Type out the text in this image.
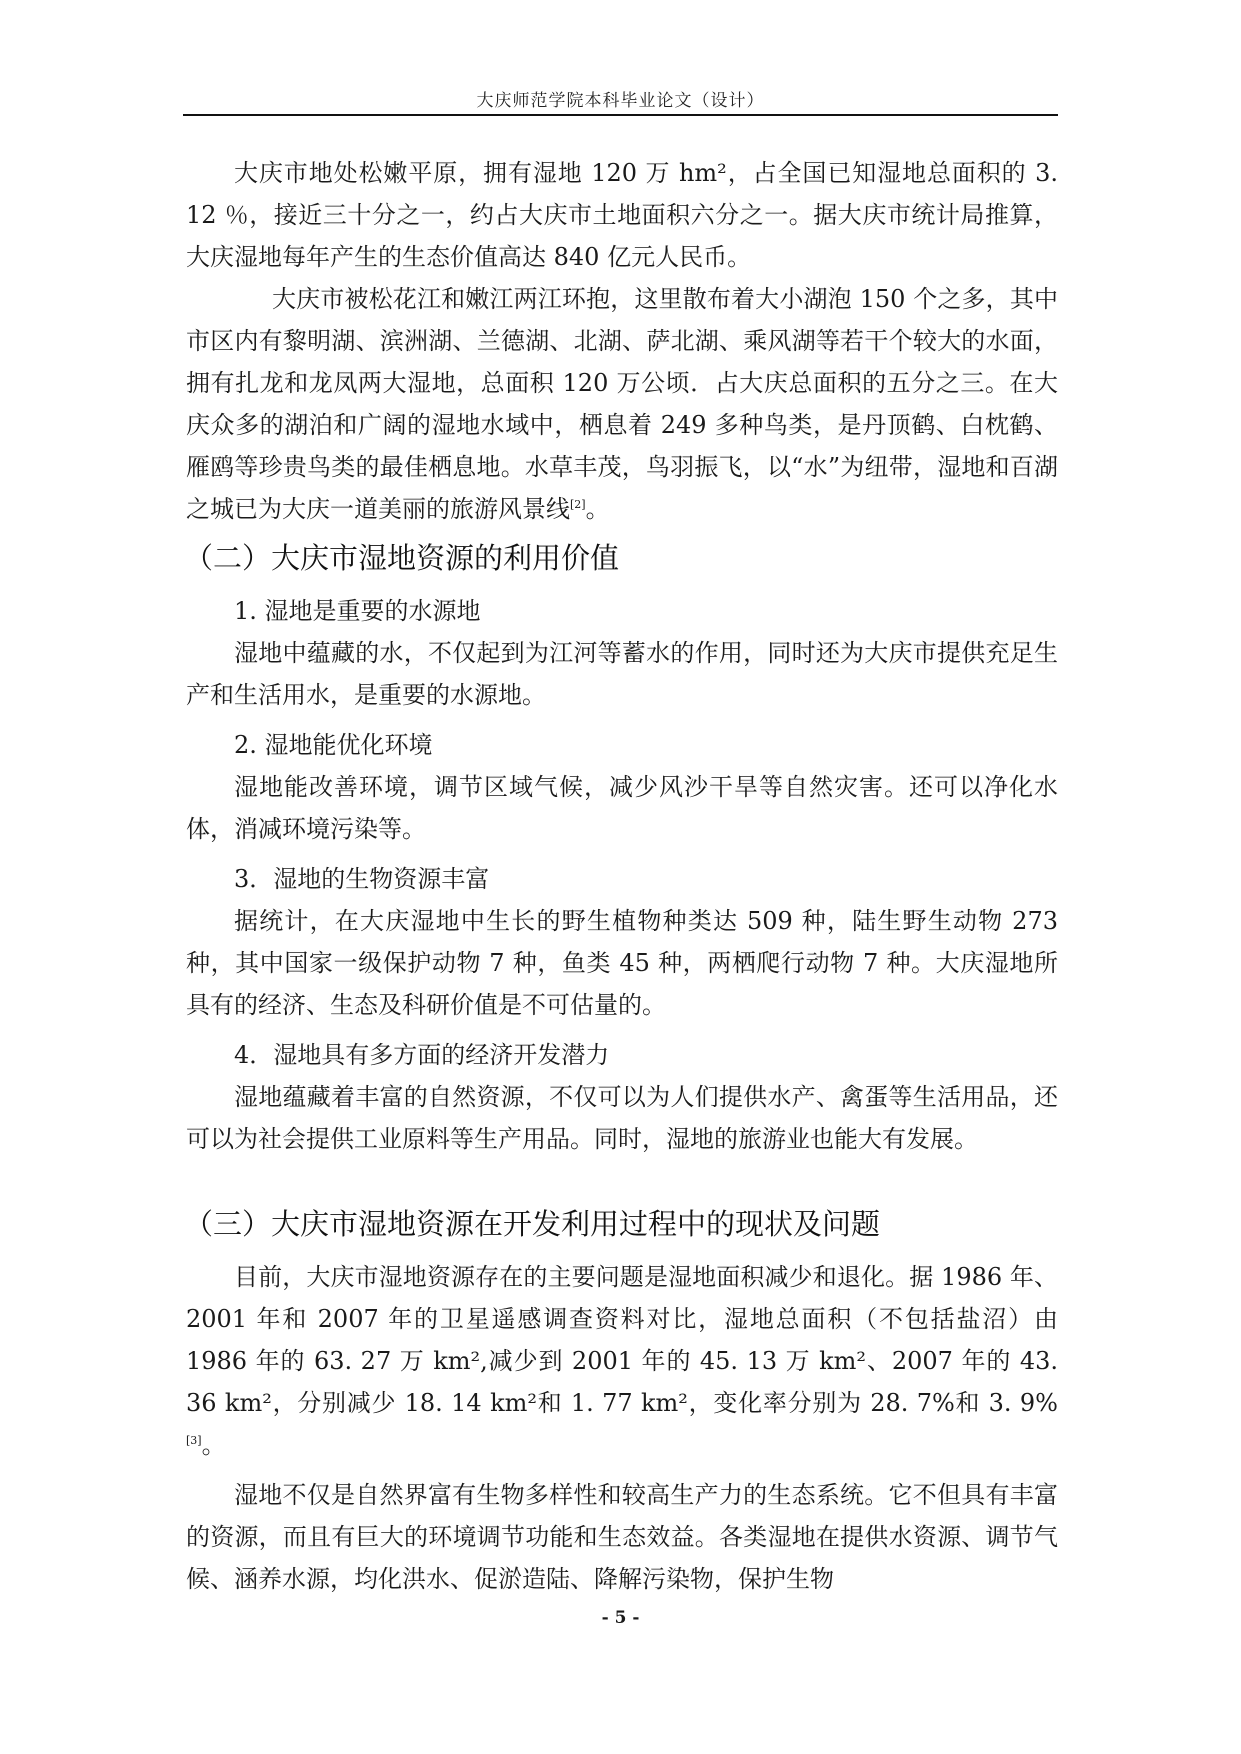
大庆师范学院本科毕业论文（设计）

大庆市地处松嫩平原，拥有湿地 120 万 hm²，占全国已知湿地总面积的 3. 12 ％，接近三十分之一，约占大庆市土地面积六分之一。据大庆市统计局推算，大庆湿地每年产生的生态价值高达 840 亿元人民币。

大庆市被松花江和嫩江两江环抱，这里散布着大小湖泡 150 个之多，其中市区内有黎明湖、滨洲湖、兰德湖、北湖、萨北湖、乘风湖等若干个较大的水面，拥有扎龙和龙凤两大湿地，总面积 120 万公顷．占大庆总面积的五分之三。在大庆众多的湖泊和广阔的湿地水域中，栖息着 249 多种鸟类，是丹顶鹤、白枕鹤、雁鸥等珍贵鸟类的最佳栖息地。水草丰茂，鸟羽振飞，以“水”为纽带，湿地和百湖之城已为大庆一道美丽的旅游风景线[2]。

（二）大庆市湿地资源的利用价值

1. 湿地是重要的水源地

湿地中蕴藏的水，不仅起到为江河等蓄水的作用，同时还为大庆市提供充足生产和生活用水，是重要的水源地。

2. 湿地能优化环境

湿地能改善环境，调节区域气候，减少风沙干旱等自然灾害。还可以净化水体，消减环境污染等。

3．湿地的生物资源丰富

据统计，在大庆湿地中生长的野生植物种类达 509 种，陆生野生动物 273 种，其中国家一级保护动物 7 种，鱼类 45 种，两栖爬行动物 7 种。大庆湿地所具有的经济、生态及科研价值是不可估量的。

4．湿地具有多方面的经济开发潜力

湿地蕴藏着丰富的自然资源，不仅可以为人们提供水产、禽蛋等生活用品，还可以为社会提供工业原料等生产用品。同时，湿地的旅游业也能大有发展。

（三）大庆市湿地资源在开发利用过程中的现状及问题

目前，大庆市湿地资源存在的主要问题是湿地面积减少和退化。据 1986 年、2001 年和 2007 年的卫星遥感调查资料对比，湿地总面积（不包括盐沼）由 1986 年的 63. 27 万 km²,减少到 2001 年的 45. 13 万 km²、2007 年的 43. 36 km²，分别减少 18. 14 km²和 1. 77 km²，变化率分别为 28. 7%和 3. 9%[3]。

湿地不仅是自然界富有生物多样性和较高生产力的生态系统。它不但具有丰富的资源，而且有巨大的环境调节功能和生态效益。各类湿地在提供水资源、调节气候、涵养水源，均化洪水、促淤造陆、降解污染物，保护生物

- 5 -
